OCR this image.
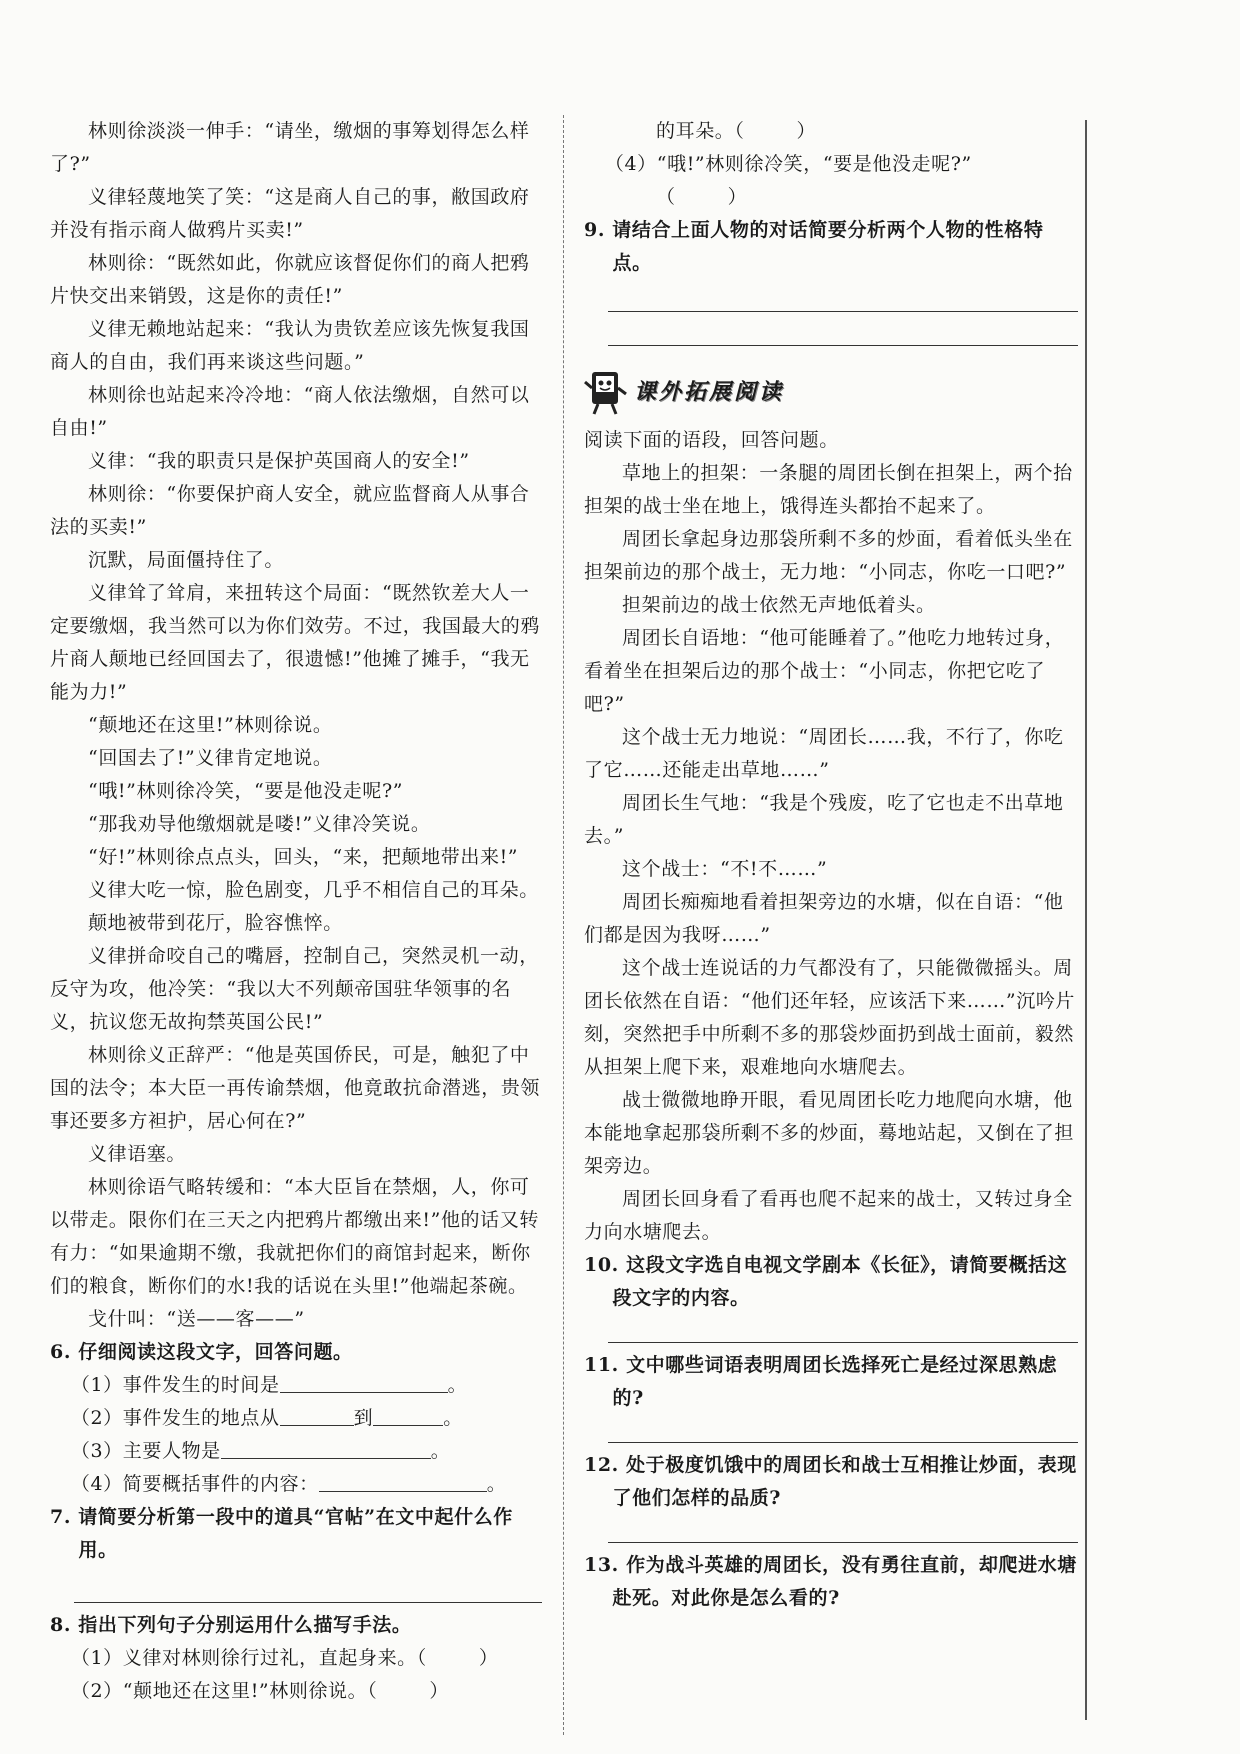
林则徐淡淡一伸手：“请坐，缴烟的事筹划得怎么样了?”

义律轻蔑地笑了笑：“这是商人自己的事，敝国政府并没有指示商人做鸦片买卖!”

林则徐：“既然如此，你就应该督促你们的商人把鸦片快交出来销毁，这是你的责任!”

义律无赖地站起来：“我认为贵钦差应该先恢复我国商人的自由，我们再来谈这些问题。”

林则徐也站起来冷冷地：“商人依法缴烟，自然可以自由!”

义律：“我的职责只是保护英国商人的安全!”

林则徐：“你要保护商人安全，就应监督商人从事合法的买卖!”

沉默，局面僵持住了。

义律耸了耸肩，来扭转这个局面：“既然钦差大人一定要缴烟，我当然可以为你们效劳。不过，我国最大的鸦片商人颠地已经回国去了，很遗憾!”他摊了摊手，“我无能为力!”

“颠地还在这里!”林则徐说。

“回国去了!”义律肯定地说。

“哦!”林则徐冷笑，“要是他没走呢?”

“那我劝导他缴烟就是喽!”义律冷笑说。

“好!”林则徐点点头，回头，“来，把颠地带出来!”

义律大吃一惊，脸色剧变，几乎不相信自己的耳朵。

颠地被带到花厅，脸容憔悴。

义律拼命咬自己的嘴唇，控制自己，突然灵机一动，反守为攻，他冷笑：“我以大不列颠帝国驻华领事的名义，抗议您无故拘禁英国公民!”

林则徐义正辞严：“他是英国侨民，可是，触犯了中国的法令；本大臣一再传谕禁烟，他竟敢抗命潜逃，贵领事还要多方袒护，居心何在?”

义律语塞。

林则徐语气略转缓和：“本大臣旨在禁烟，人，你可以带走。限你们在三天之内把鸦片都缴出来!”他的话又转有力：“如果逾期不缴，我就把你们的商馆封起来，断你们的粮食，断你们的水!我的话说在头里!”他端起茶碗。

戈什叫：“送——客——”

6. 仔细阅读这段文字，回答问题。

（1）事件发生的时间是	。

（2）事件发生的地点从	到	。

（3）主要人物是	。

（4）简要概括事件的内容：	。

7. 请简要分析第一段中的道具“官帖”在文中起什么作用。

8. 指出下列句子分别运用什么描写手法。

（1）义律对林则徐行过礼，直起身来。（	）

（2）“颠地还在这里!”林则徐说。（	）

的耳朵。（	）

（4）“哦!”林则徐冷笑，“要是他没走呢?”

（	）

9. 请结合上面人物的对话简要分析两个人物的性格特点。

课外拓展阅读

阅读下面的语段，回答问题。

草地上的担架：一条腿的周团长倒在担架上，两个抬担架的战士坐在地上，饿得连头都抬不起来了。

周团长拿起身边那袋所剩不多的炒面，看着低头坐在担架前边的那个战士，无力地：“小同志，你吃一口吧?”

担架前边的战士依然无声地低着头。

周团长自语地：“他可能睡着了。”他吃力地转过身，看着坐在担架后边的那个战士：“小同志，你把它吃了吧?”

这个战士无力地说：“周团长……我，不行了，你吃了它……还能走出草地……”

周团长生气地：“我是个残废，吃了它也走不出草地去。”

这个战士：“不!不……”

周团长痴痴地看着担架旁边的水塘，似在自语：“他们都是因为我呀……”

这个战士连说话的力气都没有了，只能微微摇头。周团长依然在自语：“他们还年轻，应该活下来……”沉吟片刻，突然把手中所剩不多的那袋炒面扔到战士面前，毅然从担架上爬下来，艰难地向水塘爬去。

战士微微地睁开眼，看见周团长吃力地爬向水塘，他本能地拿起那袋所剩不多的炒面，蓦地站起，又倒在了担架旁边。

周团长回身看了看再也爬不起来的战士，又转过身全力向水塘爬去。

10. 这段文字选自电视文学剧本《长征》，请简要概括这段文字的内容。

11. 文中哪些词语表明周团长选择死亡是经过深思熟虑的?

12. 处于极度饥饿中的周团长和战士互相推让炒面，表现了他们怎样的品质?

13. 作为战斗英雄的周团长，没有勇往直前，却爬进水塘赴死。对此你是怎么看的?
